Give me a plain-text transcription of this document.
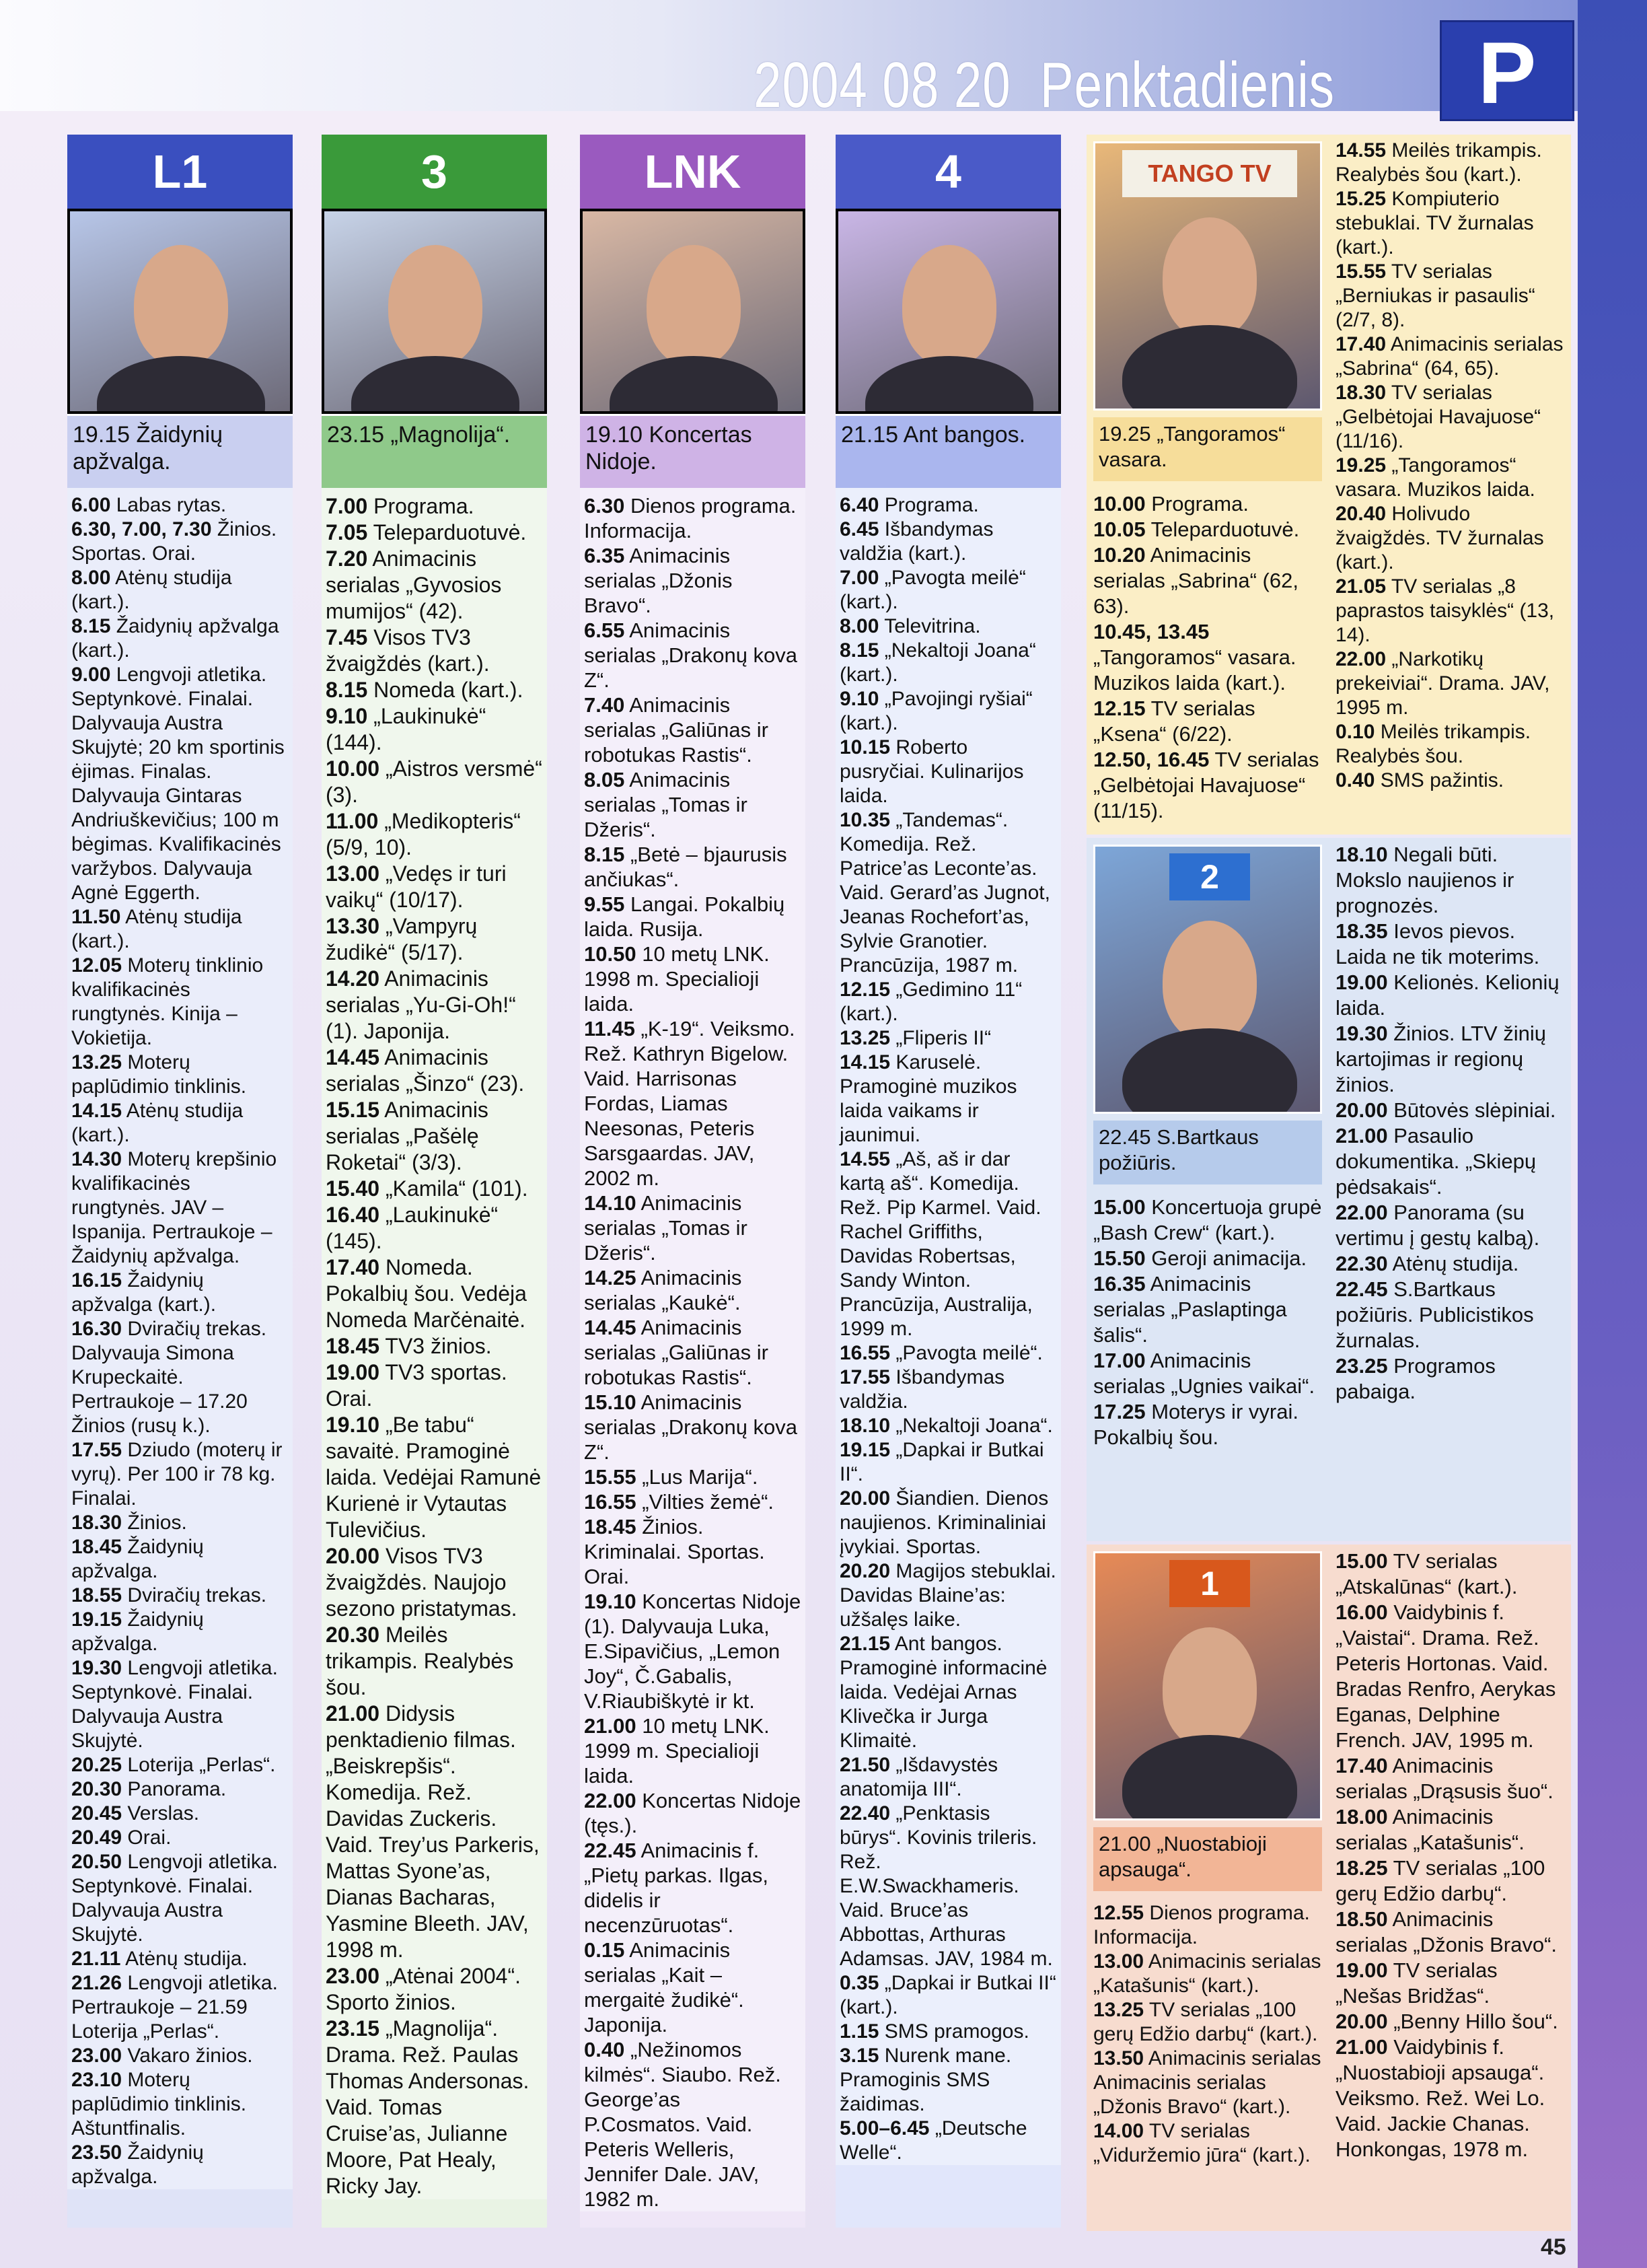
2004 08 20 Penktadienis	P
L1
19.15 Žaidynių apžvalga.
6.00 Labas rytas.
6.30, 7.00, 7.30 Žinios. Sportas. Orai.
8.00 Atėnų studija (kart.).
8.15 Žaidynių apžvalga (kart.).
9.00 Lengvoji atletika. Septynkovė. Finalai. Dalyvauja Austra Skujytė; 20 km sportinis ėjimas. Finalas. Dalyvauja Gintaras Andriuškevičius; 100 m bėgimas. Kvalifikacinės varžybos. Dalyvauja Agnė Eggerth.
11.50 Atėnų studija (kart.).
12.05 Moterų tinklinio kvalifikacinės rungtynės. Kinija – Vokietija.
13.25 Moterų paplūdimio tinklinis.
14.15 Atėnų studija (kart.).
14.30 Moterų krepšinio kvalifikacinės rungtynės. JAV – Ispanija. Pertraukoje – Žaidynių apžvalga.
16.15 Žaidynių apžvalga (kart.).
16.30 Dviračių trekas. Dalyvauja Simona Krupeckaitė. Pertraukoje – 17.20 Žinios (rusų k.).
17.55 Dziudo (moterų ir vyrų). Per 100 ir 78 kg. Finalai.
18.30 Žinios.
18.45 Žaidynių apžvalga.
18.55 Dviračių trekas.
19.15 Žaidynių apžvalga.
19.30 Lengvoji atletika. Septynkovė. Finalai. Dalyvauja Austra Skujytė.
20.25 Loterija „Perlas“.
20.30 Panorama.
20.45 Verslas.
20.49 Orai.
20.50 Lengvoji atletika. Septynkovė. Finalai. Dalyvauja Austra Skujytė.
21.11 Atėnų studija.
21.26 Lengvoji atletika. Pertraukoje – 21.59 Loterija „Perlas“.
23.00 Vakaro žinios.
23.10 Moterų paplūdimio tinklinis. Aštuntfinalis.
23.50 Žaidynių apžvalga.
3
23.15 „Magnolija“.
7.00 Programa.
7.05 Teleparduotuvė.
7.20 Animacinis serialas „Gyvosios mumijos“ (42).
7.45 Visos TV3 žvaigždės (kart.).
8.15 Nomeda (kart.).
9.10 „Laukinukė“ (144).
10.00 „Aistros versmė“ (3).
11.00 „Medikopteris“ (5/9, 10).
13.00 „Vedęs ir turi vaikų“ (10/17).
13.30 „Vampyrų žudikė“ (5/17).
14.20 Animacinis serialas „Yu-Gi-Oh!“ (1). Japonija.
14.45 Animacinis serialas „Šinzo“ (23).
15.15 Animacinis serialas „Pašėlę Roketai“ (3/3).
15.40 „Kamila“ (101).
16.40 „Laukinukė“ (145).
17.40 Nomeda. Pokalbių šou. Vedėja Nomeda Marčėnaitė.
18.45 TV3 žinios.
19.00 TV3 sportas. Orai.
19.10 „Be tabu“ savaitė. Pramoginė laida. Vedėjai Ramunė Kurienė ir Vytautas Tulevičius.
20.00 Visos TV3 žvaigždės. Naujojo sezono pristatymas.
20.30 Meilės trikampis. Realybės šou.
21.00 Didysis penktadienio filmas. „Beiskrepšis“. Komedija. Rež. Davidas Zuckeris. Vaid. Trey’us Parkeris, Mattas Syone’as, Dianas Bacharas, Yasmine Bleeth. JAV, 1998 m.
23.00 „Atėnai 2004“. Sporto žinios.
23.15 „Magnolija“. Drama. Rež. Paulas Thomas Andersonas. Vaid. Tomas Cruise’as, Julianne Moore, Pat Healy, Ricky Jay.
LNK
19.10 Koncertas Nidoje.
6.30 Dienos programa. Informacija.
6.35 Animacinis serialas „Džonis Bravo“.
6.55 Animacinis serialas „Drakonų kova Z“.
7.40 Animacinis serialas „Galiūnas ir robotukas Rastis“.
8.05 Animacinis serialas „Tomas ir Džeris“.
8.15 „Betė – bjaurusis ančiukas“.
9.55 Langai. Pokalbių laida. Rusija.
10.50 10 metų LNK. 1998 m. Specialioji laida.
11.45 „K-19“. Veiksmo. Rež. Kathryn Bigelow. Vaid. Harrisonas Fordas, Liamas Neesonas, Peteris Sarsgaardas. JAV, 2002 m.
14.10 Animacinis serialas „Tomas ir Džeris“.
14.25 Animacinis serialas „Kaukė“.
14.45 Animacinis serialas „Galiūnas ir robotukas Rastis“.
15.10 Animacinis serialas „Drakonų kova Z“.
15.55 „Lus Marija“.
16.55 „Vilties žemė“.
18.45 Žinios. Kriminalai. Sportas. Orai.
19.10 Koncertas Nidoje (1). Dalyvauja Luka, E.Sipavičius, „Lemon Joy“, Č.Gabalis, V.Riaubiškytė ir kt.
21.00 10 metų LNK. 1999 m. Specialioji laida.
22.00 Koncertas Nidoje (tęs.).
22.45 Animacinis f. „Pietų parkas. Ilgas, didelis ir necenzūruotas“.
0.15 Animacinis serialas „Kait – mergaitė žudikė“. Japonija.
0.40 „Nežinomos kilmės“. Siaubo. Rež. George’as P.Cosmatos. Vaid. Peteris Welleris, Jennifer Dale. JAV, 1982 m.
4
21.15 Ant bangos.
6.40 Programa.
6.45 Išbandymas valdžia (kart.).
7.00 „Pavogta meilė“ (kart.).
8.00 Televitrina.
8.15 „Nekaltoji Joana“ (kart.).
9.10 „Pavojingi ryšiai“ (kart.).
10.15 Roberto pusryčiai. Kulinarijos laida.
10.35 „Tandemas“. Komedija. Rež. Patrice’as Leconte’as. Vaid. Gerard’as Jugnot, Jeanas Rochefort’as, Sylvie Granotier. Prancūzija, 1987 m.
12.15 „Gedimino 11“ (kart.).
13.25 „Fliperis II“
14.15 Karuselė. Pramoginė muzikos laida vaikams ir jaunimui.
14.55 „Aš, aš ir dar kartą aš“. Komedija. Rež. Pip Karmel. Vaid. Rachel Griffiths, Davidas Robertsas, Sandy Winton. Prancūzija, Australija, 1999 m.
16.55 „Pavogta meilė“.
17.55 Išbandymas valdžia.
18.10 „Nekaltoji Joana“.
19.15 „Dapkai ir Butkai II“.
20.00 Šiandien. Dienos naujienos. Kriminaliniai įvykiai. Sportas.
20.20 Magijos stebuklai. Davidas Blaine’as: užšalęs laike.
21.15 Ant bangos. Pramoginė informacinė laida. Vedėjai Arnas Klivečka ir Jurga Klimaitė.
21.50 „Išdavystės anatomija III“.
22.40 „Penktasis būrys“. Kovinis trileris. Rež. E.W.Swackhameris. Vaid. Bruce’as Abbottas, Arthuras Adamsas. JAV, 1984 m.
0.35 „Dapkai ir Butkai II“ (kart.).
1.15 SMS pramogos.
3.15 Nurenk mane. Pramoginis SMS žaidimas.
5.00–6.45 „Deutsche Welle“.
TANGO TV
19.25 „Tangoramos“ vasara.
10.00 Programa.
10.05 Teleparduotuvė.
10.20 Animacinis serialas „Sabrina“ (62, 63).
10.45, 13.45 „Tangoramos“ vasara. Muzikos laida (kart.).
12.15 TV serialas „Ksena“ (6/22).
12.50, 16.45 TV serialas „Gelbėtojai Havajuose“ (11/15).
14.55 Meilės trikampis. Realybės šou (kart.).
15.25 Kompiuterio stebuklai. TV žurnalas (kart.).
15.55 TV serialas „Berniukas ir pasaulis“ (2/7, 8).
17.40 Animacinis serialas „Sabrina“ (64, 65).
18.30 TV serialas „Gelbėtojai Havajuose“ (11/16).
19.25 „Tangoramos“ vasara. Muzikos laida.
20.40 Holivudo žvaigždės. TV žurnalas (kart.).
21.05 TV serialas „8 paprastos taisyklės“ (13, 14).
22.00 „Narkotikų prekeiviai“. Drama. JAV, 1995 m.
0.10 Meilės trikampis. Realybės šou.
0.40 SMS pažintis.
2
22.45 S.Bartkaus požiūris.
15.00 Koncertuoja grupė „Bash Crew“ (kart.).
15.50 Geroji animacija.
16.35 Animacinis serialas „Paslaptinga šalis“.
17.00 Animacinis serialas „Ugnies vaikai“.
17.25 Moterys ir vyrai. Pokalbių šou.
18.10 Negali būti. Mokslo naujienos ir prognozės.
18.35 Ievos pievos. Laida ne tik moterims.
19.00 Kelionės. Kelionių laida.
19.30 Žinios. LTV žinių kartojimas ir regionų žinios.
20.00 Būtovės slėpiniai.
21.00 Pasaulio dokumentika. „Skiepų pėdsakais“.
22.00 Panorama (su vertimu į gestų kalbą).
22.30 Atėnų studija.
22.45 S.Bartkaus požiūris. Publicistikos žurnalas.
23.25 Programos pabaiga.
1
21.00 „Nuostabioji apsauga“.
12.55 Dienos programa. Informacija.
13.00 Animacinis serialas „Katašunis“ (kart.).
13.25 TV serialas „100 gerų Edžio darbų“ (kart.).
13.50 Animacinis serialas Animacinis serialas „Džonis Bravo“ (kart.).
14.00 TV serialas „Viduržemio jūra“ (kart.).
15.00 TV serialas „Atskalūnas“ (kart.).
16.00 Vaidybinis f. „Vaistai“. Drama. Rež. Peteris Hortonas. Vaid. Bradas Renfro, Aerykas Eganas, Delphine French. JAV, 1995 m.
17.40 Animacinis serialas „Drąsusis šuo“.
18.00 Animacinis serialas „Katašunis“.
18.25 TV serialas „100 gerų Edžio darbų“.
18.50 Animacinis serialas „Džonis Bravo“.
19.00 TV serialas „Nešas Bridžas“.
20.00 „Benny Hillo šou“.
21.00 Vaidybinis f. „Nuostabioji apsauga“. Veiksmo. Rež. Wei Lo. Vaid. Jackie Chanas. Honkongas, 1978 m.
45
